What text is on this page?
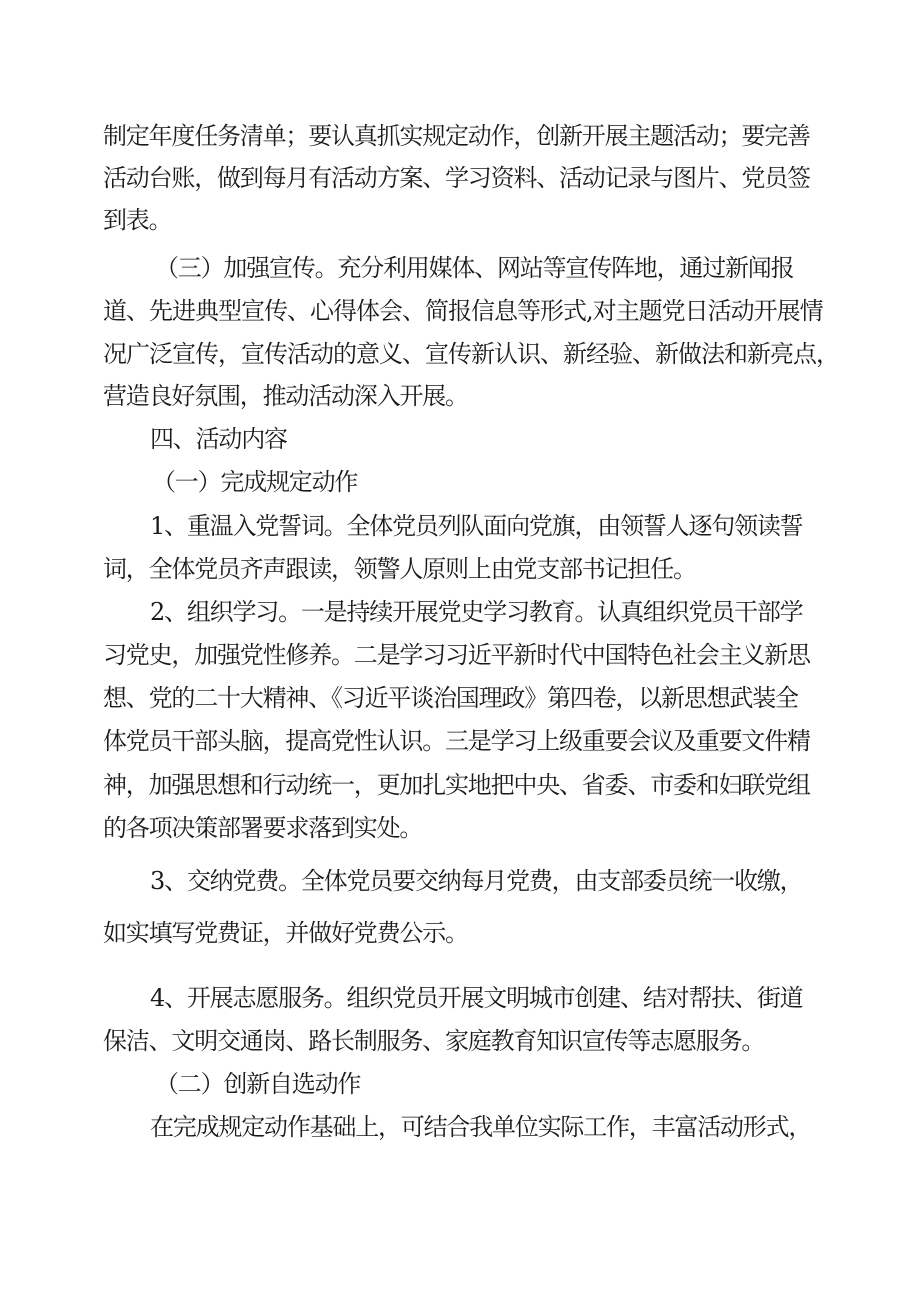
制定年度任务清单；要认真抓实规定动作，创新开展主题活动；要完善
活动台账，做到每月有活动方案、学习资料、活动记录与图片、党员签
到表。
（三）加强宣传。充分利用媒体、网站等宣传阵地，通过新闻报
道、先进典型宣传、心得体会、简报信息等形式,对主题党日活动开展情
况广泛宣传，宣传活动的意义、宣传新认识、新经验、新做法和新亮点，
营造良好氛围，推动活动深入开展。
四、活动内容
（一）完成规定动作
1、重温入党誓词。全体党员列队面向党旗，由领誓人逐句领读誓
词，全体党员齐声跟读，领警人原则上由党支部书记担任。
2、组织学习。一是持续开展党史学习教育。认真组织党员干部学
习党史，加强党性修养。二是学习习近平新时代中国特色社会主义新思
想、党的二十大精神、《习近平谈治国理政》第四卷，以新思想武装全
体党员干部头脑，提高党性认识。三是学习上级重要会议及重要文件精
神，加强思想和行动统一，更加扎实地把中央、省委、市委和妇联党组
的各项决策部署要求落到实处。
3、交纳党费。全体党员要交纳每月党费，由支部委员统一收缴，
如实填写党费证，并做好党费公示。
4、开展志愿服务。组织党员开展文明城市创建、结对帮扶、街道
保洁、文明交通岗、路长制服务、家庭教育知识宣传等志愿服务。
（二）创新自选动作
在完成规定动作基础上，可结合我单位实际工作，丰富活动形式，
